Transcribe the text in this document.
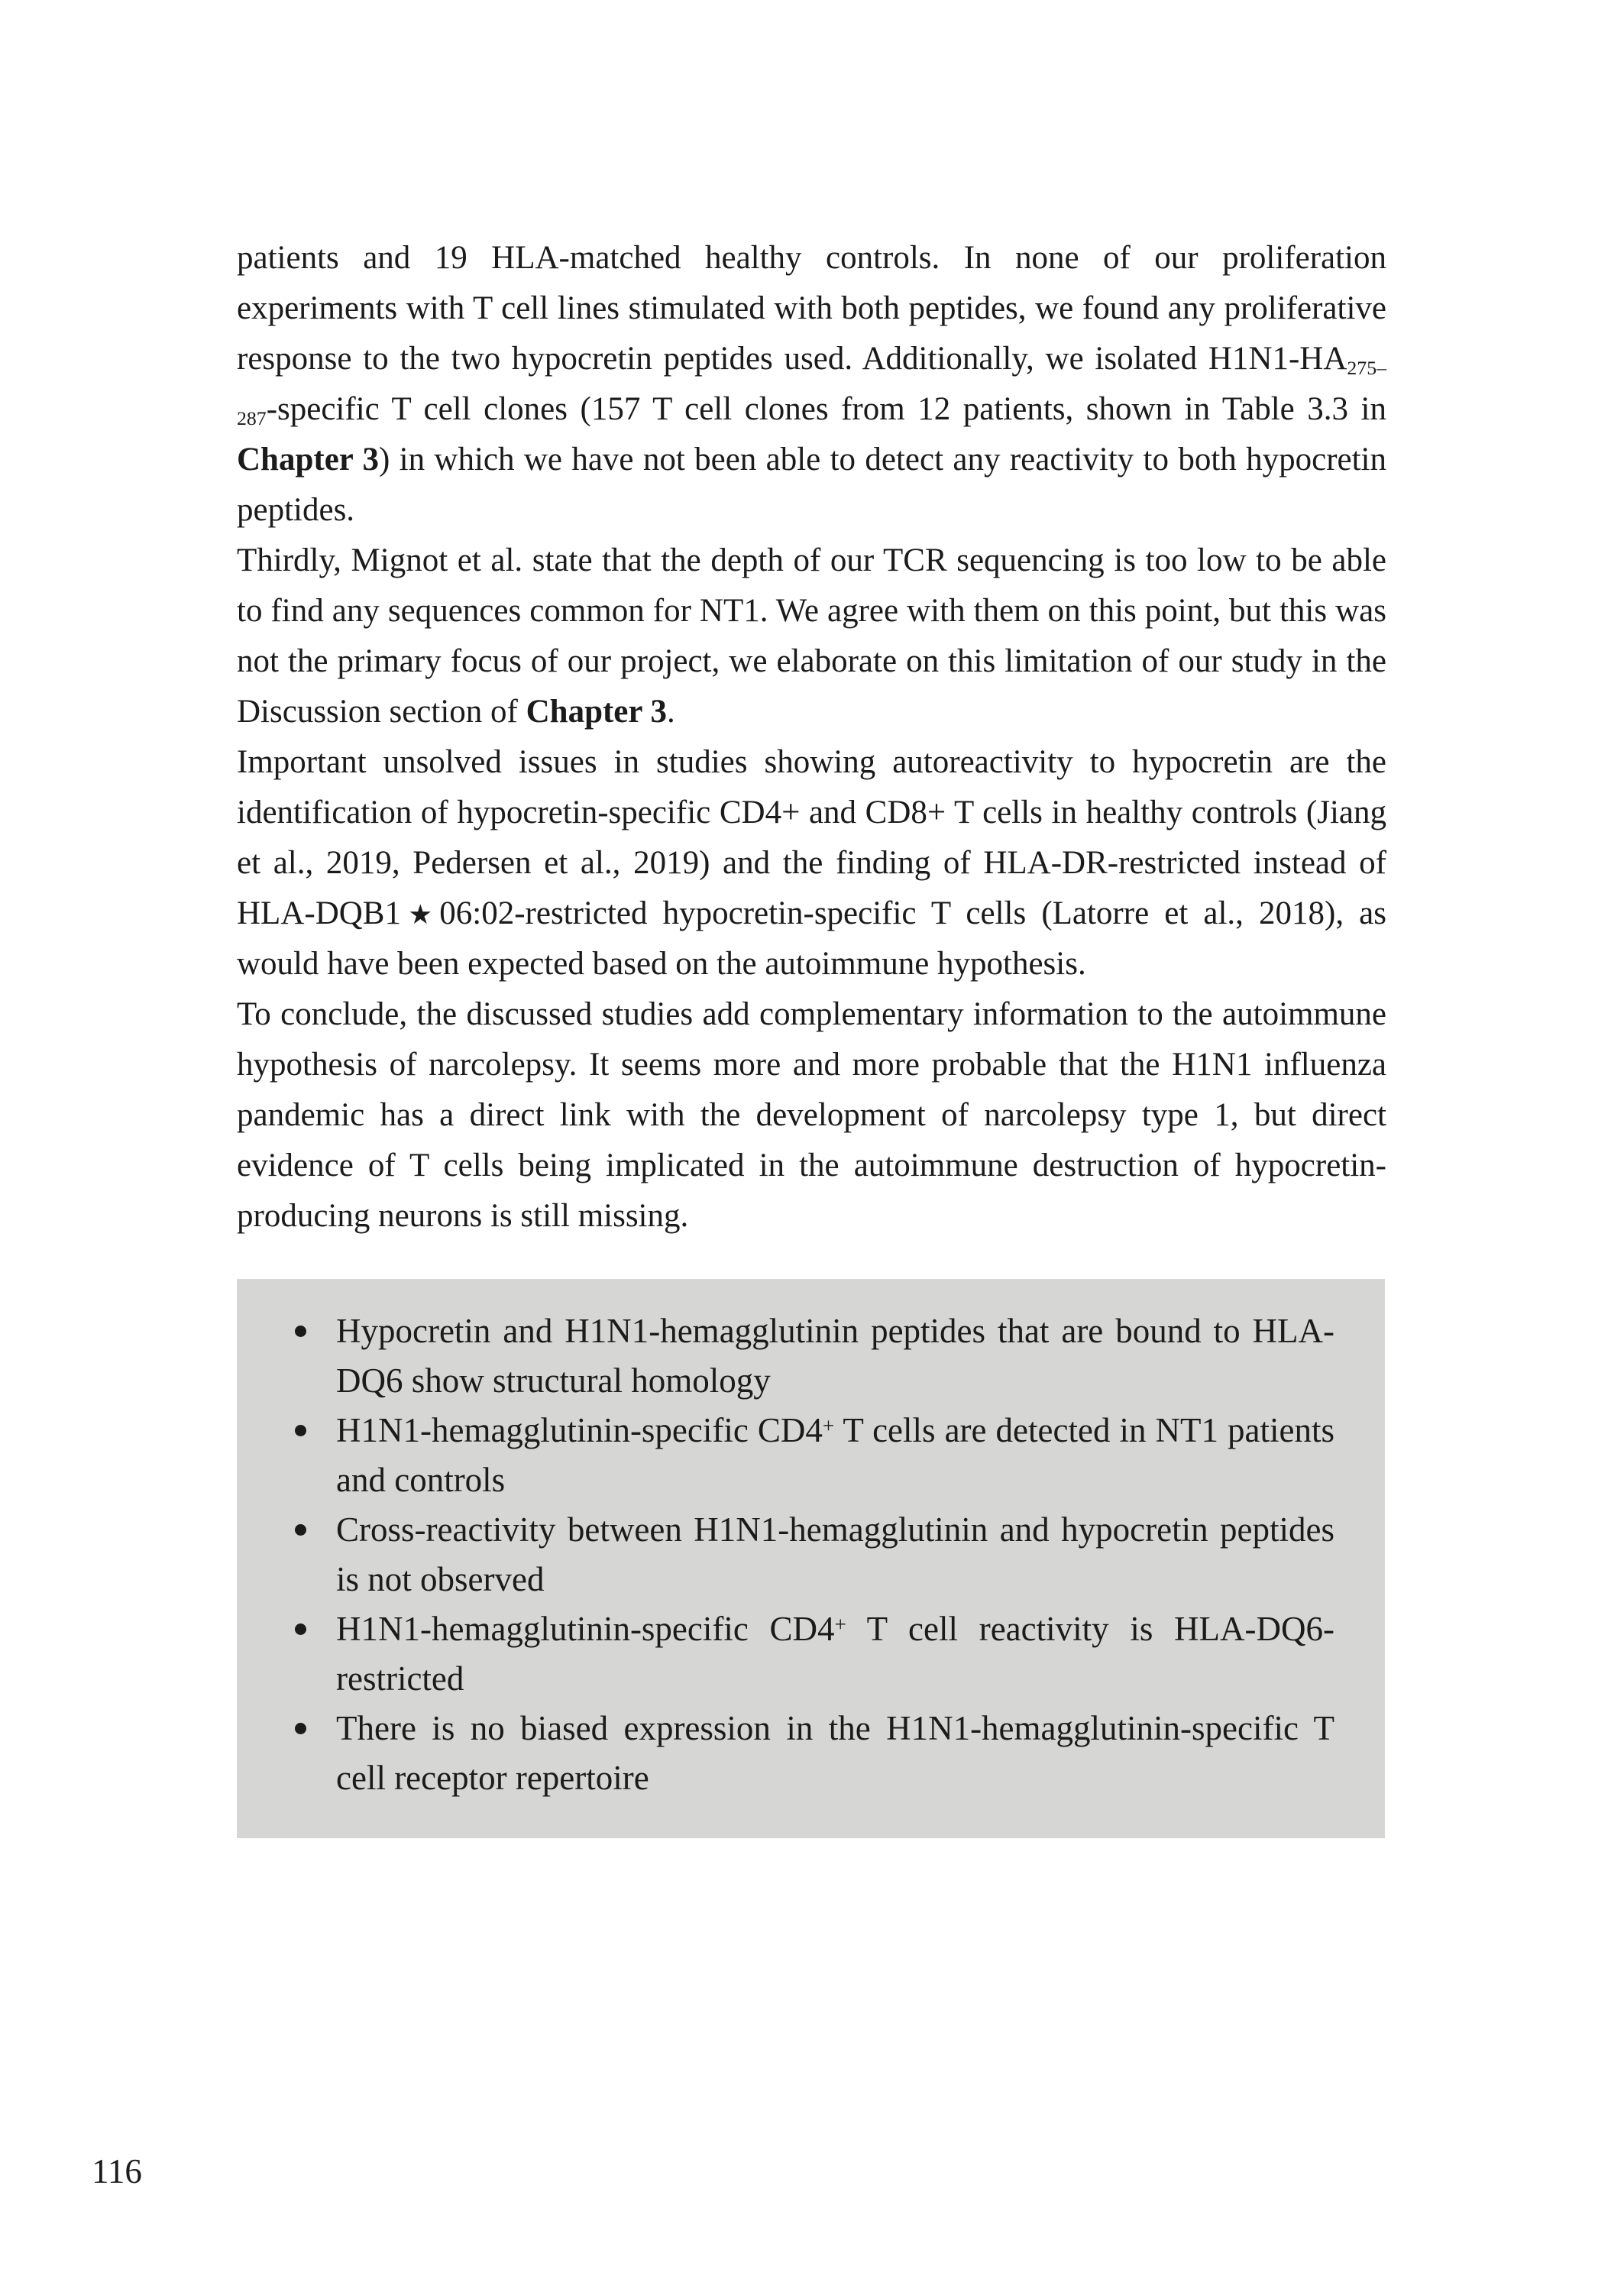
patients and 19 HLA-matched healthy controls. In none of our proliferation experiments with T cell lines stimulated with both peptides, we found any proliferative response to the two hypocretin peptides used. Additionally, we isolated $H1N1-HA_{275-287}$-specific T cell clones (157 T cell clones from 12 patients, shown in Table 3.3 in Chapter 3) in which we have not been able to detect any reactivity to both hypocretin peptides.

Thirdly, Mignot et al. state that the depth of our TCR sequencing is too low to be able to find any sequences common for NT1. We agree with them on this point, but this was not the primary focus of our project, we elaborate on this limitation of our study in the Discussion section of Chapter 3.

Important unsolved issues in studies showing autoreactivity to hypocretin are the identification of hypocretin-specific CD4+ and CD8+ T cells in healthy controls (Jiang et al., 2019, Pedersen et al., 2019) and the finding of HLA-DR-restricted instead of HLA-DQB1★06:02-restricted hypocretin-specific T cells (Latorre et al., 2018), as would have been expected based on the autoimmune hypothesis.

To conclude, the discussed studies add complementary information to the autoimmune hypothesis of narcolepsy. It seems more and more probable that the H1N1 influenza pandemic has a direct link with the development of narcolepsy type 1, but direct evidence of T cells being implicated in the autoimmune destruction of hypocretin-producing neurons is still missing.

Hypocretin and H1N1-hemagglutinin peptides that are bound to HLA-DQ6 show structural homology
H1N1-hemagglutinin-specific CD4+ T cells are detected in NT1 patients and controls
Cross-reactivity between H1N1-hemagglutinin and hypocretin peptides is not observed
H1N1-hemagglutinin-specific CD4+ T cell reactivity is HLA-DQ6-restricted
There is no biased expression in the H1N1-hemagglutinin-specific T cell receptor repertoire
116
